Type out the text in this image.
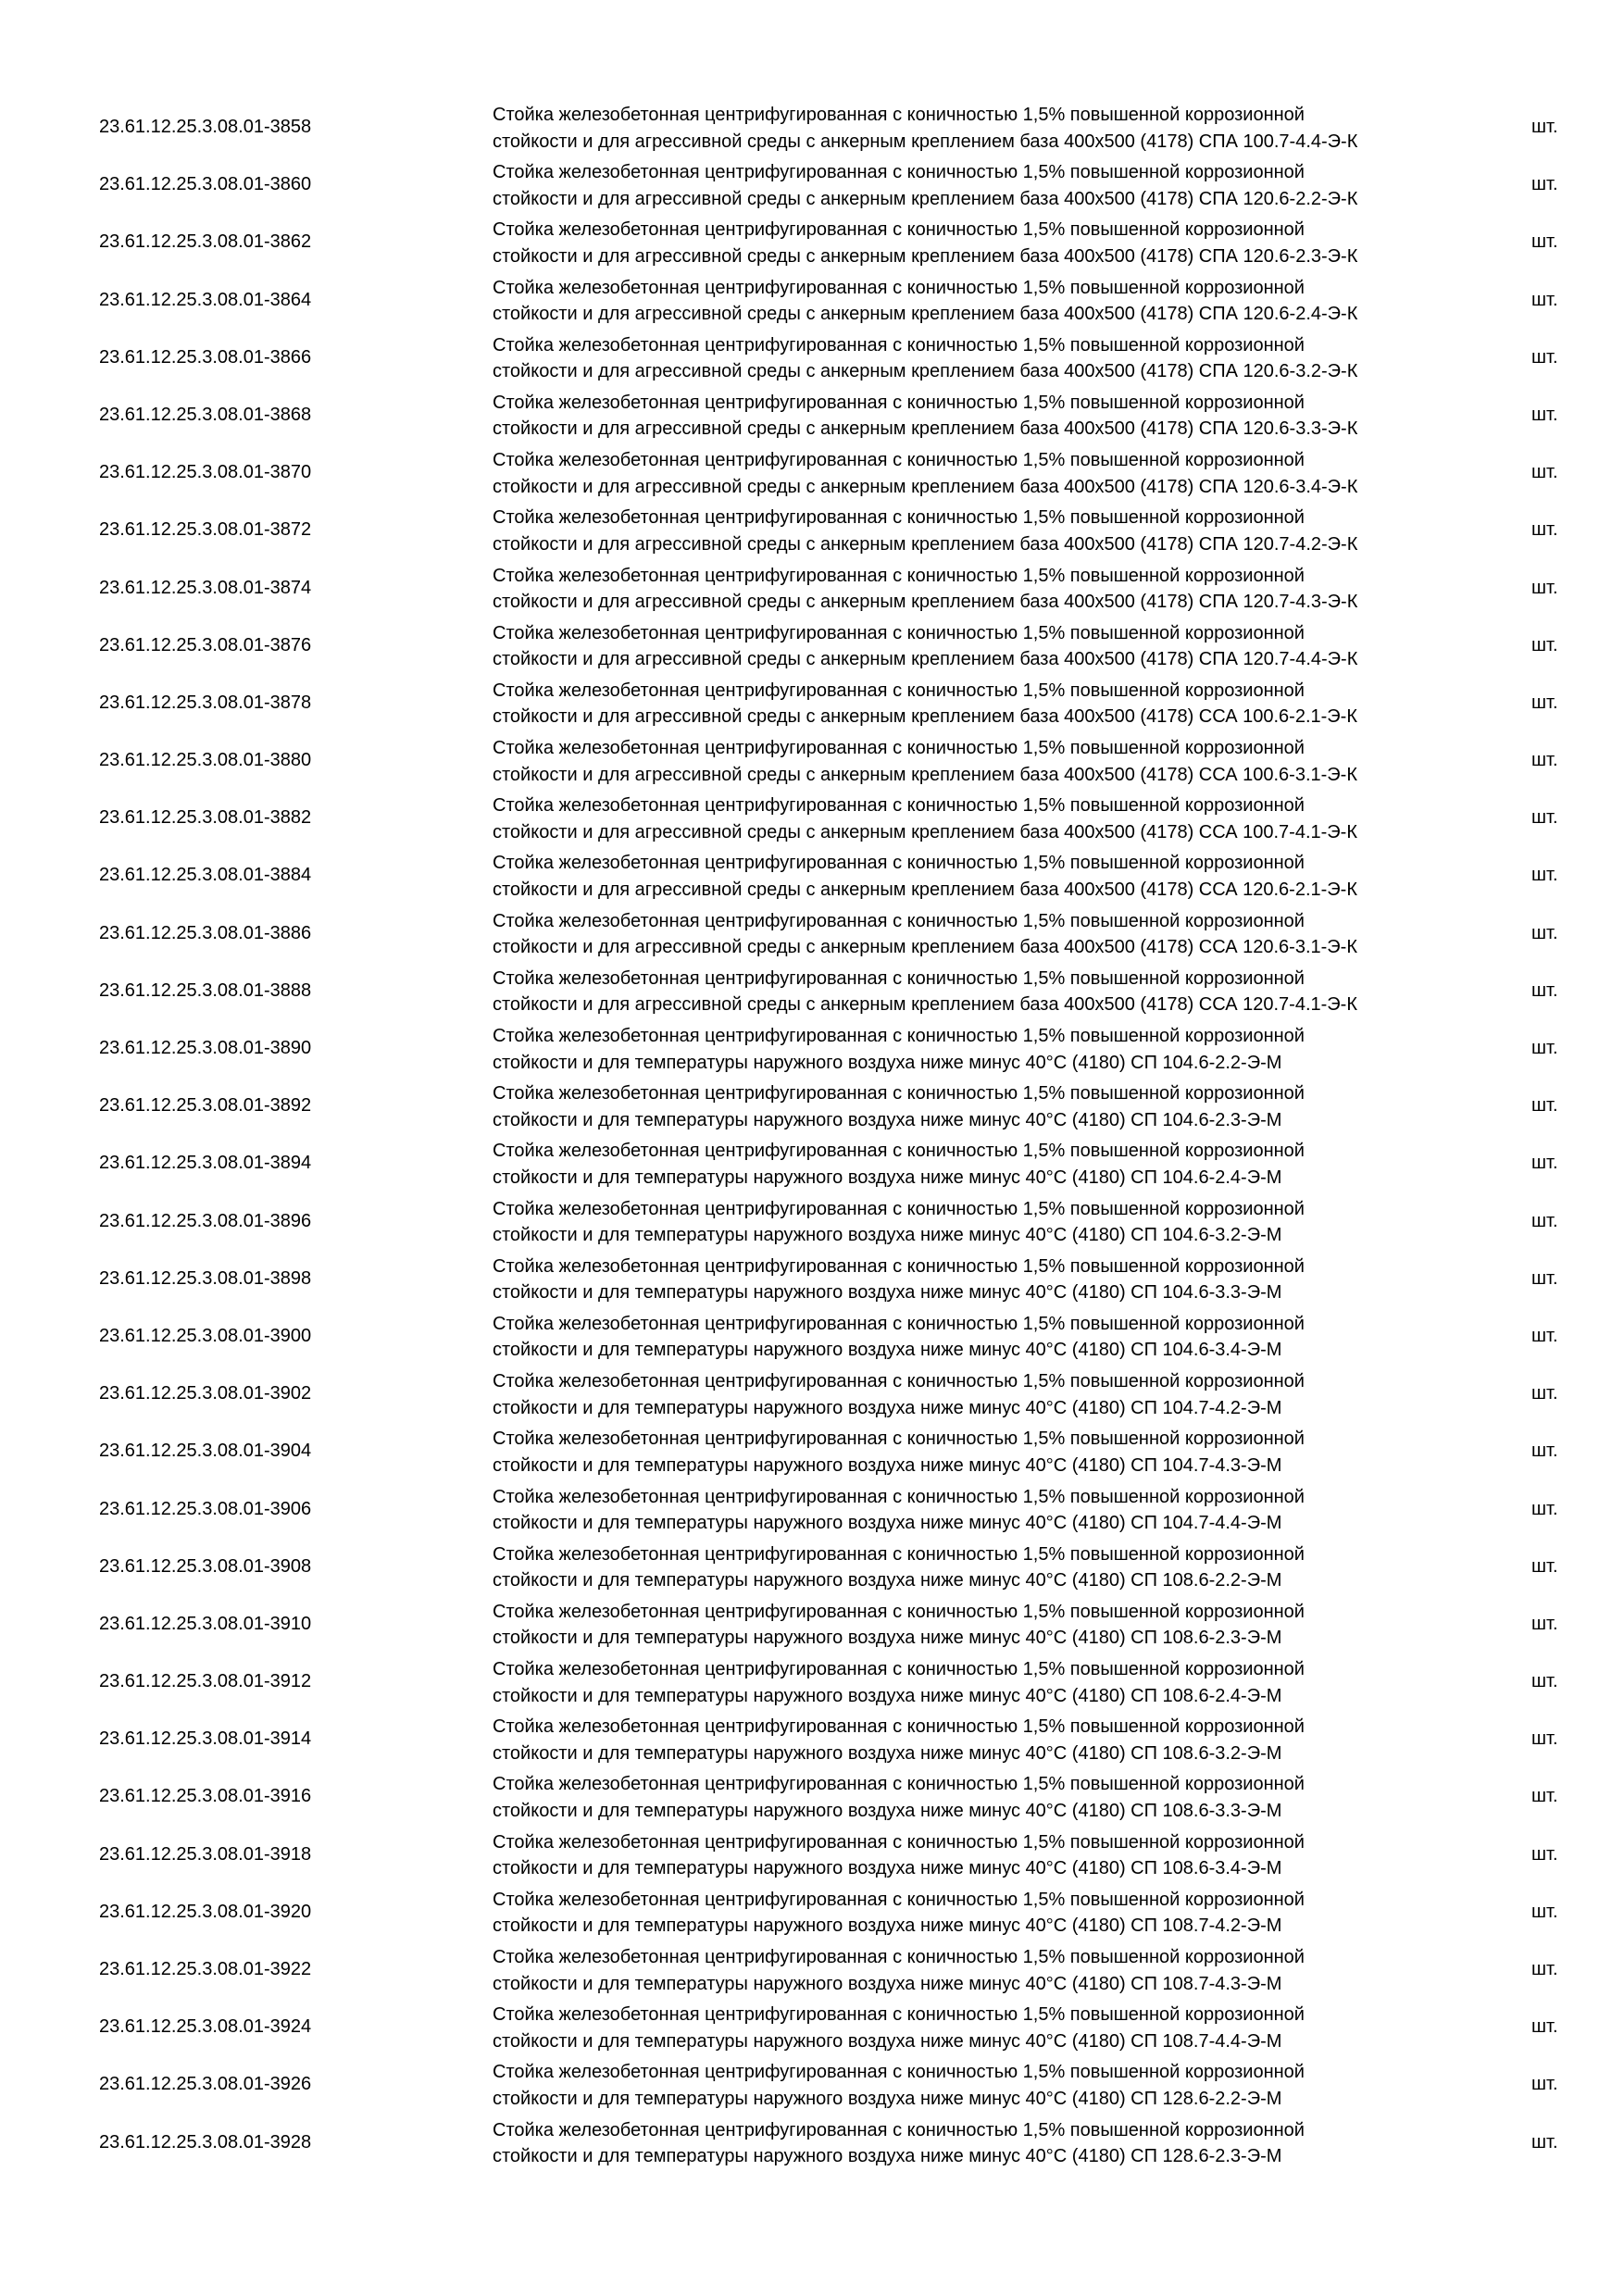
23.61.12.25.3.08.01-3858
Стойка железобетонная центрифугированная с коничностью 1,5% повышенной коррозионной
стойкости и для агрессивной среды с анкерным креплением база 400х500 (4178) СПА 100.7-4.4-Э-К
шт.
23.61.12.25.3.08.01-3860
Стойка железобетонная центрифугированная с коничностью 1,5% повышенной коррозионной
стойкости и для агрессивной среды с анкерным креплением база 400х500 (4178) СПА 120.6-2.2-Э-К
шт.
23.61.12.25.3.08.01-3862
Стойка железобетонная центрифугированная с коничностью 1,5% повышенной коррозионной
стойкости и для агрессивной среды с анкерным креплением база 400х500 (4178) СПА 120.6-2.3-Э-К
шт.
23.61.12.25.3.08.01-3864
Стойка железобетонная центрифугированная с коничностью 1,5% повышенной коррозионной
стойкости и для агрессивной среды с анкерным креплением база 400х500 (4178) СПА 120.6-2.4-Э-К
шт.
23.61.12.25.3.08.01-3866
Стойка железобетонная центрифугированная с коничностью 1,5% повышенной коррозионной
стойкости и для агрессивной среды с анкерным креплением база 400х500 (4178) СПА 120.6-3.2-Э-К
шт.
23.61.12.25.3.08.01-3868
Стойка железобетонная центрифугированная с коничностью 1,5% повышенной коррозионной
стойкости и для агрессивной среды с анкерным креплением база 400х500 (4178) СПА 120.6-3.3-Э-К
шт.
23.61.12.25.3.08.01-3870
Стойка железобетонная центрифугированная с коничностью 1,5% повышенной коррозионной
стойкости и для агрессивной среды с анкерным креплением база 400х500 (4178) СПА 120.6-3.4-Э-К
шт.
23.61.12.25.3.08.01-3872
Стойка железобетонная центрифугированная с коничностью 1,5% повышенной коррозионной
стойкости и для агрессивной среды с анкерным креплением база 400х500 (4178) СПА 120.7-4.2-Э-К
шт.
23.61.12.25.3.08.01-3874
Стойка железобетонная центрифугированная с коничностью 1,5% повышенной коррозионной
стойкости и для агрессивной среды с анкерным креплением база 400х500 (4178) СПА 120.7-4.3-Э-К
шт.
23.61.12.25.3.08.01-3876
Стойка железобетонная центрифугированная с коничностью 1,5% повышенной коррозионной
стойкости и для агрессивной среды с анкерным креплением база 400х500 (4178) СПА 120.7-4.4-Э-К
шт.
23.61.12.25.3.08.01-3878
Стойка железобетонная центрифугированная с коничностью 1,5% повышенной коррозионной
стойкости и для агрессивной среды с анкерным креплением база 400х500 (4178) ССА 100.6-2.1-Э-К
шт.
23.61.12.25.3.08.01-3880
Стойка железобетонная центрифугированная с коничностью 1,5% повышенной коррозионной
стойкости и для агрессивной среды с анкерным креплением база 400х500 (4178) ССА 100.6-3.1-Э-К
шт.
23.61.12.25.3.08.01-3882
Стойка железобетонная центрифугированная с коничностью 1,5% повышенной коррозионной
стойкости и для агрессивной среды с анкерным креплением база 400х500 (4178) ССА 100.7-4.1-Э-К
шт.
23.61.12.25.3.08.01-3884
Стойка железобетонная центрифугированная с коничностью 1,5% повышенной коррозионной
стойкости и для агрессивной среды с анкерным креплением база 400х500 (4178) ССА 120.6-2.1-Э-К
шт.
23.61.12.25.3.08.01-3886
Стойка железобетонная центрифугированная с коничностью 1,5% повышенной коррозионной
стойкости и для агрессивной среды с анкерным креплением база 400х500 (4178) ССА 120.6-3.1-Э-К
шт.
23.61.12.25.3.08.01-3888
Стойка железобетонная центрифугированная с коничностью 1,5% повышенной коррозионной
стойкости и для агрессивной среды с анкерным креплением база 400х500 (4178) ССА 120.7-4.1-Э-К
шт.
23.61.12.25.3.08.01-3890
Стойка железобетонная центрифугированная с коничностью 1,5% повышенной коррозионной
стойкости и для температуры наружного воздуха ниже минус 40°С (4180) СП 104.6-2.2-Э-М
шт.
23.61.12.25.3.08.01-3892
Стойка железобетонная центрифугированная с коничностью 1,5% повышенной коррозионной
стойкости и для температуры наружного воздуха ниже минус 40°С (4180) СП 104.6-2.3-Э-М
шт.
23.61.12.25.3.08.01-3894
Стойка железобетонная центрифугированная с коничностью 1,5% повышенной коррозионной
стойкости и для температуры наружного воздуха ниже минус 40°С (4180) СП 104.6-2.4-Э-М
шт.
23.61.12.25.3.08.01-3896
Стойка железобетонная центрифугированная с коничностью 1,5% повышенной коррозионной
стойкости и для температуры наружного воздуха ниже минус 40°С (4180) СП 104.6-3.2-Э-М
шт.
23.61.12.25.3.08.01-3898
Стойка железобетонная центрифугированная с коничностью 1,5% повышенной коррозионной
стойкости и для температуры наружного воздуха ниже минус 40°С (4180) СП 104.6-3.3-Э-М
шт.
23.61.12.25.3.08.01-3900
Стойка железобетонная центрифугированная с коничностью 1,5% повышенной коррозионной
стойкости и для температуры наружного воздуха ниже минус 40°С (4180) СП 104.6-3.4-Э-М
шт.
23.61.12.25.3.08.01-3902
Стойка железобетонная центрифугированная с коничностью 1,5% повышенной коррозионной
стойкости и для температуры наружного воздуха ниже минус 40°С (4180) СП 104.7-4.2-Э-М
шт.
23.61.12.25.3.08.01-3904
Стойка железобетонная центрифугированная с коничностью 1,5% повышенной коррозионной
стойкости и для температуры наружного воздуха ниже минус 40°С (4180) СП 104.7-4.3-Э-М
шт.
23.61.12.25.3.08.01-3906
Стойка железобетонная центрифугированная с коничностью 1,5% повышенной коррозионной
стойкости и для температуры наружного воздуха ниже минус 40°С (4180) СП 104.7-4.4-Э-М
шт.
23.61.12.25.3.08.01-3908
Стойка железобетонная центрифугированная с коничностью 1,5% повышенной коррозионной
стойкости и для температуры наружного воздуха ниже минус 40°С (4180) СП 108.6-2.2-Э-М
шт.
23.61.12.25.3.08.01-3910
Стойка железобетонная центрифугированная с коничностью 1,5% повышенной коррозионной
стойкости и для температуры наружного воздуха ниже минус 40°С (4180) СП 108.6-2.3-Э-М
шт.
23.61.12.25.3.08.01-3912
Стойка железобетонная центрифугированная с коничностью 1,5% повышенной коррозионной
стойкости и для температуры наружного воздуха ниже минус 40°С (4180) СП 108.6-2.4-Э-М
шт.
23.61.12.25.3.08.01-3914
Стойка железобетонная центрифугированная с коничностью 1,5% повышенной коррозионной
стойкости и для температуры наружного воздуха ниже минус 40°С (4180) СП 108.6-3.2-Э-М
шт.
23.61.12.25.3.08.01-3916
Стойка железобетонная центрифугированная с коничностью 1,5% повышенной коррозионной
стойкости и для температуры наружного воздуха ниже минус 40°С (4180) СП 108.6-3.3-Э-М
шт.
23.61.12.25.3.08.01-3918
Стойка железобетонная центрифугированная с коничностью 1,5% повышенной коррозионной
стойкости и для температуры наружного воздуха ниже минус 40°С (4180) СП 108.6-3.4-Э-М
шт.
23.61.12.25.3.08.01-3920
Стойка железобетонная центрифугированная с коничностью 1,5% повышенной коррозионной
стойкости и для температуры наружного воздуха ниже минус 40°С (4180) СП 108.7-4.2-Э-М
шт.
23.61.12.25.3.08.01-3922
Стойка железобетонная центрифугированная с коничностью 1,5% повышенной коррозионной
стойкости и для температуры наружного воздуха ниже минус 40°С (4180) СП 108.7-4.3-Э-М
шт.
23.61.12.25.3.08.01-3924
Стойка железобетонная центрифугированная с коничностью 1,5% повышенной коррозионной
стойкости и для температуры наружного воздуха ниже минус 40°С (4180) СП 108.7-4.4-Э-М
шт.
23.61.12.25.3.08.01-3926
Стойка железобетонная центрифугированная с коничностью 1,5% повышенной коррозионной
стойкости и для температуры наружного воздуха ниже минус 40°С (4180) СП 128.6-2.2-Э-М
шт.
23.61.12.25.3.08.01-3928
Стойка железобетонная центрифугированная с коничностью 1,5% повышенной коррозионной
стойкости и для температуры наружного воздуха ниже минус 40°С (4180) СП 128.6-2.3-Э-М
шт.
